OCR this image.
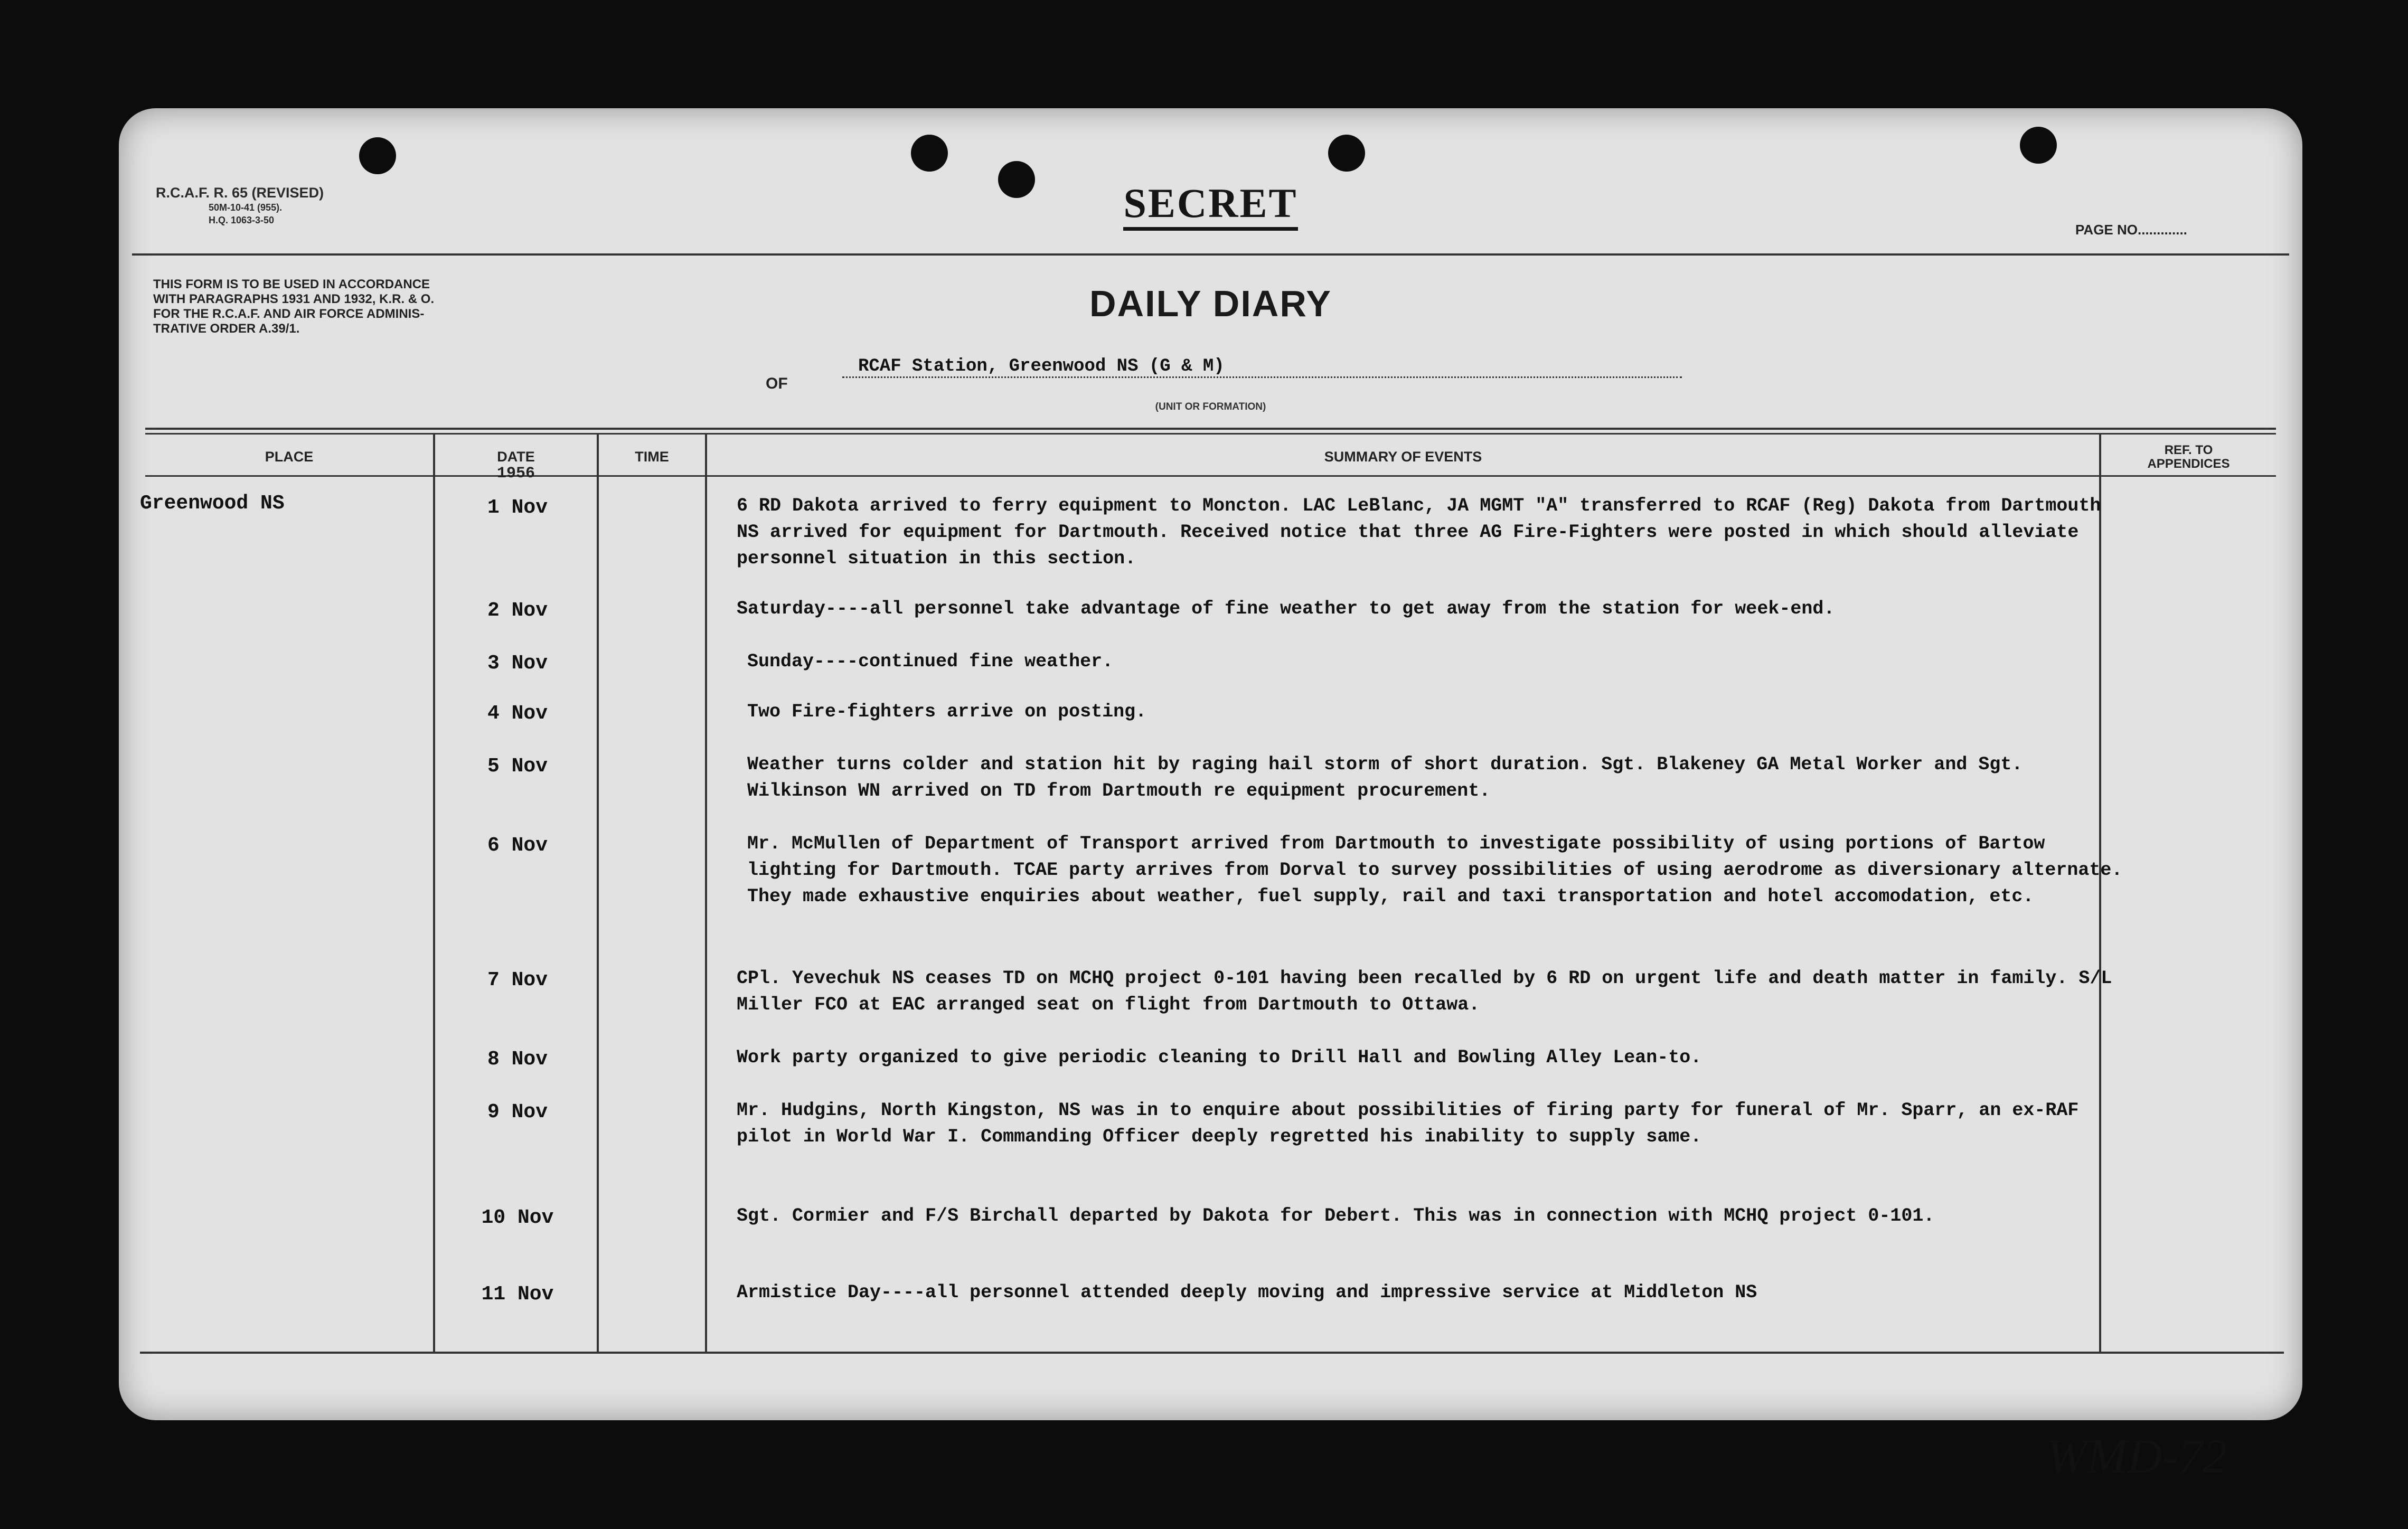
R.C.A.F. R. 65 (REVISED)
50M-10-41 (955).
H.Q. 1063-3-50	SECRET
PAGE NO.............
THIS FORM IS TO BE USED IN ACCORDANCE
WITH PARAGRAPHS 1931 AND 1932, K.R. & O.
FOR THE R.C.A.F. AND AIR FORCE ADMINIS-
TRATIVE ORDER A.39/1.
DAILY DIARY
OF
RCAF Station, Greenwood NS (G & M)
(UNIT OR FORMATION)
PLACE	DATE
1956
TIME	SUMMARY OF EVENTS	REF. TO
APPENDICES
Greenwood NS	1 Nov	6 RD Dakota arrived to ferry equipment to Moncton. LAC LeBlanc, JA MGMT "A" transferred to RCAF (Reg) Dakota from Dartmouth NS arrived for equipment for Dartmouth. Received notice that three AG Fire-Fighters were posted in which should alleviate personnel situation in this section.
2 Nov	Saturday----all personnel take advantage of fine weather to get away from the station for week-end.
3 Nov	Sunday----continued fine weather.
4 Nov	Two Fire-fighters arrive on posting.
5 Nov	Weather turns colder and station hit by raging hail storm of short duration. Sgt. Blakeney GA Metal Worker and Sgt. Wilkinson WN arrived on TD from Dartmouth re equipment procurement.
6 Nov	Mr. McMullen of Department of Transport arrived from Dartmouth to investigate possibility of using portions of Bartow lighting for Dartmouth. TCAE party arrives from Dorval to survey possibilities of using aerodrome as diversionary alternate. They made exhaustive enquiries about weather, fuel supply, rail and taxi transportation and hotel accomodation, etc.
7 Nov	CPl. Yevechuk NS ceases TD on MCHQ project 0-101 having been recalled by 6 RD on urgent life and death matter in family. S/L Miller FCO at EAC arranged seat on flight from Dartmouth to Ottawa.
8 Nov	Work party organized to give periodic cleaning to Drill Hall and Bowling Alley Lean-to.
9 Nov	Mr. Hudgins, North Kingston, NS was in to enquire about possibilities of firing party for funeral of Mr. Sparr, an ex-RAF pilot in World War I. Commanding Officer deeply regretted his inability to supply same.
10 Nov	Sgt. Cormier and F/S Birchall departed by Dakota for Debert. This was in connection with MCHQ project 0-101.
11 Nov	Armistice Day----all personnel attended deeply moving and impressive service at Middleton NS
WMD-72
